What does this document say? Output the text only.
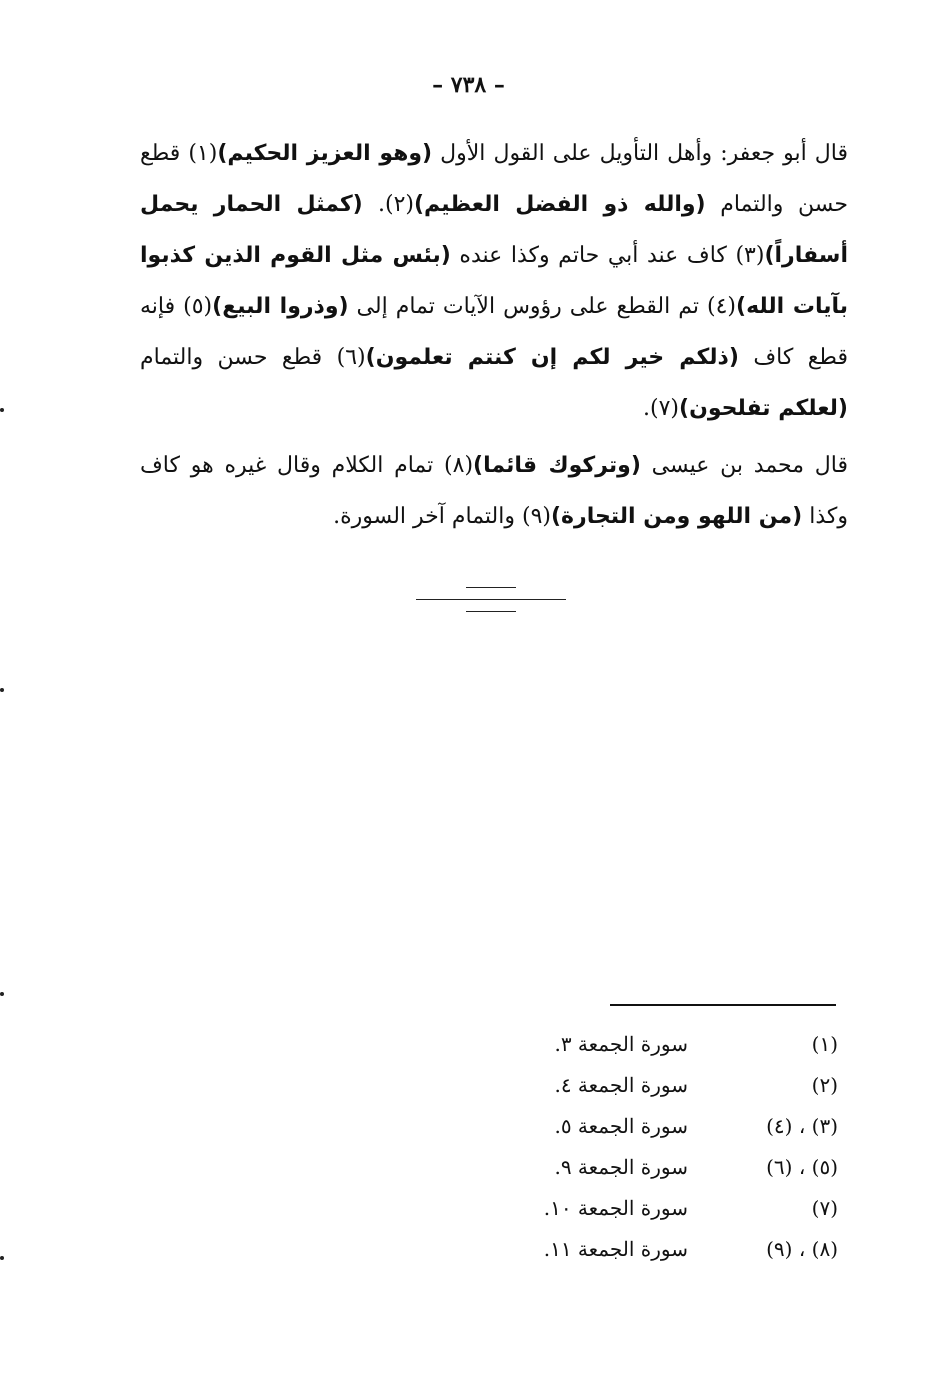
– ٧٣٨ –

قال أبو جعفر: وأهل التأويل على القول الأول (وهو العزيز الحكيم)(١) قطع حسن والتمام (والله ذو الفضل العظيم)(٢). (كمثل الحمار يحمل أسفاراً)(٣) كاف عند أبي حاتم وكذا عنده (بئس مثل القوم الذين كذبوا بآيات الله)(٤) تم القطع على رؤوس الآيات تمام إلى (وذروا البيع)(٥) فإنه قطع كاف (ذلكم خير لكم إن كنتم تعلمون)(٦) قطع حسن والتمام (لعلكم تفلحون)(٧).

قال محمد بن عيسى (وتركوك قائما)(٨) تمام الكلام وقال غيره هو كاف وكذا (من اللهو ومن التجارة)(٩) والتمام آخر السورة.

(١)
سورة الجمعة ٣.
(٢)
سورة الجمعة ٤.
(٣) ، (٤)
سورة الجمعة ٥.
(٥) ، (٦)
سورة الجمعة ٩.
(٧)
سورة الجمعة ١٠.
(٨) ، (٩)
سورة الجمعة ١١.
